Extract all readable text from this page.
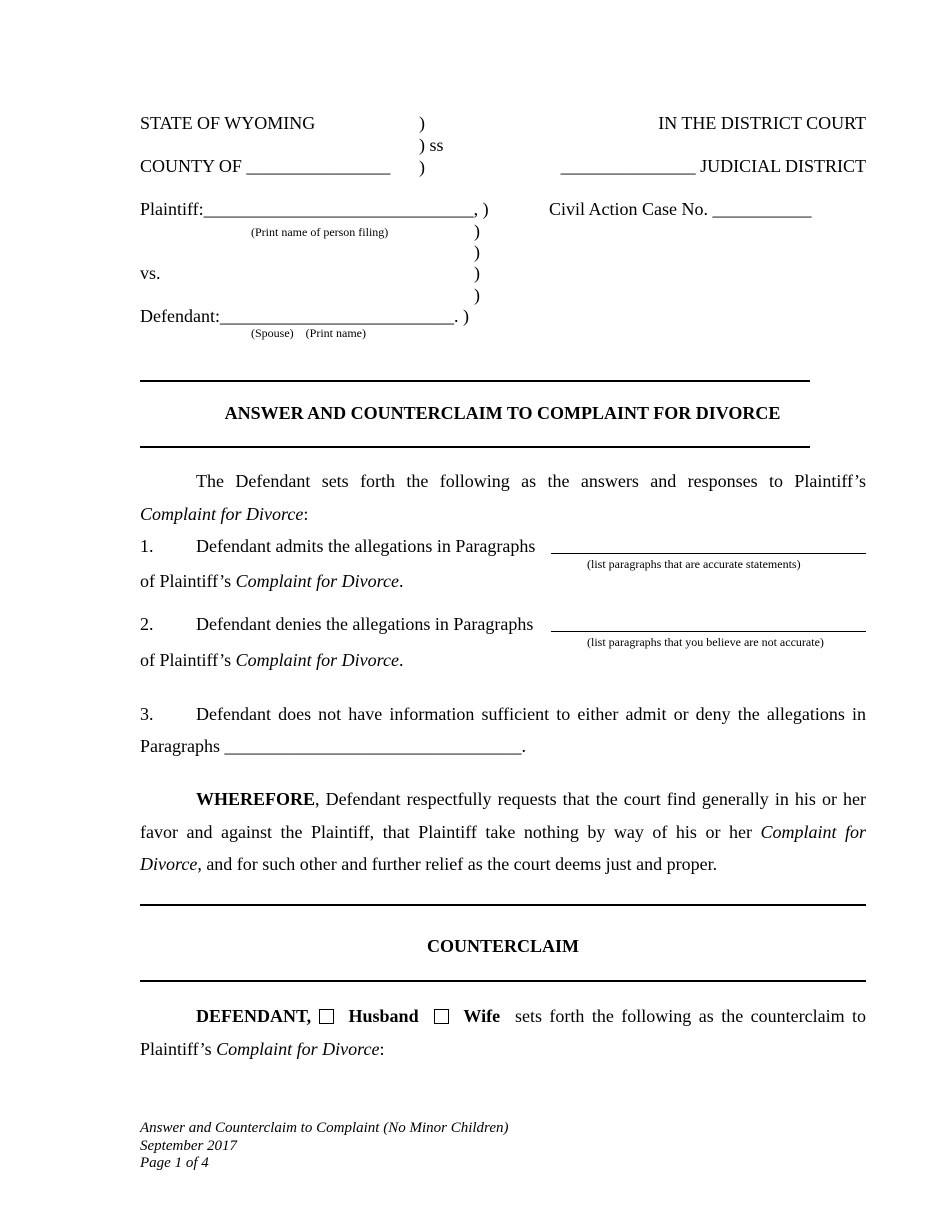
STATE OF WYOMING	)
) ss
)
COUNTY OF ________________
IN THE DISTRICT COURT
_______________ JUDICIAL DISTRICT
Plaintiff:______________________________, )
(Print name of person filing)
Civil Action Case No. ___________
)
)
vs.	)
)
Defendant:__________________________. )
(Spouse)    (Print name)
ANSWER AND COUNTERCLAIM TO COMPLAINT FOR DIVORCE
The Defendant sets forth the following as the answers and responses to Plaintiff’s
Complaint for Divorce:
1. Defendant admits the allegations in Paragraphs
(list paragraphs that are accurate statements)
of Plaintiff’s Complaint for Divorce.
2. Defendant denies the allegations in Paragraphs
(list paragraphs that you believe are not accurate)
of Plaintiff’s Complaint for Divorce.
3. Defendant does not have information sufficient to either admit or deny the allegations in
Paragraphs _________________________________.
WHEREFORE, Defendant respectfully requests that the court find generally in his or her favor and against the Plaintiff, that Plaintiff take nothing by way of his or her Complaint for Divorce, and for such other and further relief as the court deems just and proper.
COUNTERCLAIM
DEFENDANT, Husband Wife sets forth the following as the counterclaim to Plaintiff’s Complaint for Divorce:
Answer and Counterclaim to Complaint (No Minor Children)
September 2017
Page 1 of 4
